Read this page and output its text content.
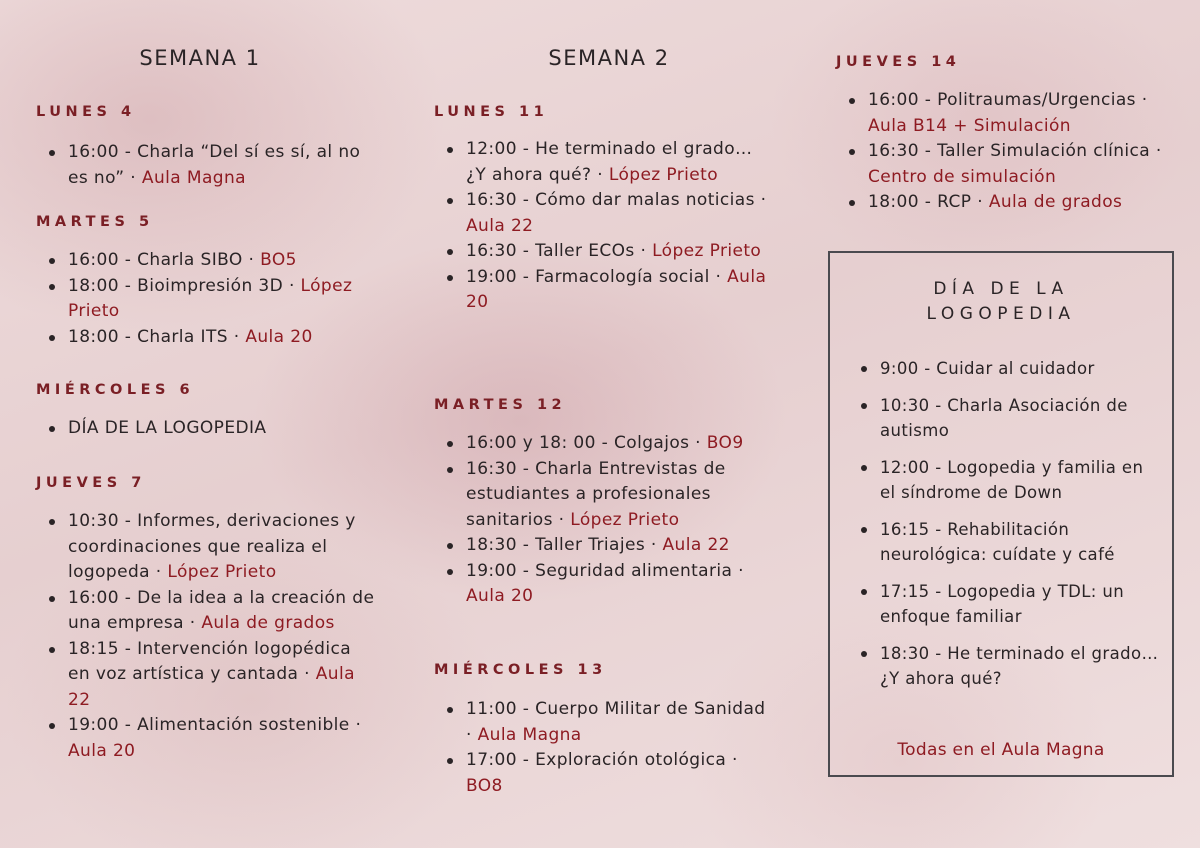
SEMANA 1
LUNES 4
16:00 - Charla “Del sí es sí, al no es no” · Aula Magna
MARTES 5
16:00 - Charla SIBO · BO5
18:00 - Bioimpresión 3D · López Prieto
18:00 - Charla ITS · Aula 20
MIÉRCOLES 6
DÍA DE LA LOGOPEDIA
JUEVES 7
10:30 - Informes, derivaciones y coordinaciones que realiza el logopeda · López Prieto
16:00 - De la idea a la creación de una empresa · Aula de grados
18:15 - Intervención logopédica en voz artística y cantada · Aula 22
19:00 - Alimentación sostenible · Aula 20
SEMANA 2
LUNES 11
12:00 - He terminado el grado… ¿Y ahora qué? · López Prieto
16:30 - Cómo dar malas noticias · Aula 22
16:30 - Taller ECOs · López Prieto
19:00 - Farmacología social · Aula 20
MARTES 12
16:00 y 18: 00 - Colgajos · BO9
16:30 - Charla Entrevistas de estudiantes a profesionales sanitarios · López Prieto
18:30 - Taller Triajes · Aula 22
19:00 - Seguridad alimentaria · Aula 20
MIÉRCOLES 13
11:00 - Cuerpo Militar de Sanidad · Aula Magna
17:00 - Exploración otológica · BO8
JUEVES 14
16:00 - Politraumas/Urgencias · Aula B14 + Simulación
16:30 - Taller Simulación clínica · Centro de simulación
18:00 - RCP · Aula de grados
DÍA DE LA LOGOPEDIA
9:00 - Cuidar al cuidador
10:30 - Charla Asociación de autismo
12:00 - Logopedia y familia en el síndrome de Down
16:15 - Rehabilitación neurológica: cuídate y café
17:15 - Logopedia y TDL: un enfoque familiar
18:30 - He terminado el grado… ¿Y ahora qué?
Todas en el Aula Magna
